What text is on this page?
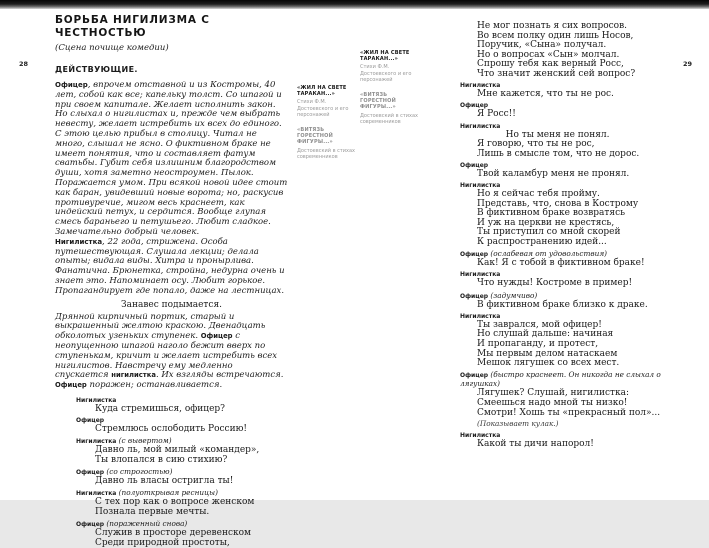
28	29
БОРЬБА НИГИЛИЗМА С ЧЕСТНОСТЬЮ
(Сцена почище комедии)
ДЕЙСТВУЮЩИЕ.

Офицер, впрочем отставной и из Костромы, 40 лет, собой как все; капельку толст. Со шпагой и при своем капитале. Желает исполнить закон. Но слыхал о нигилистах и, прежде чем выбрать невесту, желает истребить их всех до единого. С этою целью прибыл в столицу. Читал не много, слышал не ясно. О фиктивном браке не имеет понятия, что и составляет фатум сватьбы. Губит себя излишним благородством души, хотя заметно неостроумен. Пылок. Поражается умом. При всякой новой идее стоит как баран, увидевший новые ворота; но, раскусив противуречие, мигом весь краснеет, как индейский петух, и сердится. Вообще глупая смесь бараньего и петушьего. Любит сладкое. Замечательно добрый человек.

Нигилистка, 22 года, стрижена. Особа путешествующая. Слушала лекции; делала опыты; видала виды. Хитра и пронырлива. Фанатична. Брюнетка, стройна, недурна очень и знает это. Напоминает осу. Любит горькое. Пропагандирует где попало, даже на лестницах.

Занавес подымается.
Дрянной кирпичный портик, старый и выкрашенный желтою краскою. Двенадцать обколотых узеньких ступенек. Офицер с неопущенною шпагой наголо бежит вверх по ступенькам, кричит и желает истребить всех нигилистов. Навстречу ему медленно спускается нигилистка. Их взгляды встречаются. Офицер поражен; останавливается.
Нигилистка
Куда стремишься, офицер?
Офицер
Стремлюсь ослободить Россию!
Нигилистка (с вывертом)
Давно ль, мой милый «командер»,
Ты влопался в сию стихию?
Офицер (со строгостью)
Давно ль власы остригла ты!
Нигилистка (полуоткрывая ресницы)
С тех пор как о вопросе женском
Познала первые мечты.
Офицер (пораженный снова)
Служив в просторе деревенском
Среди природной простоты,
«ЖИЛ НА СВЕТЕ ТАРАКАН...»
Стихи Ф.М. Достоевского и его персонажей
«ВИТЯЗЬ ГОРЕСТНОЙ ФИГУРЫ...»
Достоевский в стихах современников
«ЖИЛ НА СВЕТЕ ТАРАКАН...»
Стихи Ф.М. Достоевского и его персонажей
«ВИТЯЗЬ ГОРЕСТНОЙ ФИГУРЫ...»
Достоевский в стихах современников
Не мог познать я сих вопросов.
Во всем полку один лишь Носов,
Поручик, «Сына» получал.
Но о вопросах «Сын» молчал.
Спрошу тебя как верный Росс,
Что значит женский сей вопрос?
Нигилистка
Мне кажется, что ты не рос.
Офицер
Я Росс!!
Нигилистка
Но ты меня не понял.
Я говорю, что ты не рос,
Лишь в смысле том, что не дорос.
Офицер
Твой каламбур меня не пронял.
Нигилистка
Но я сейчас тебя пройму.
Представь, что, снова в Кострому
В фиктивном браке возвратясь
И уж на церкви не крестясь,
Ты приступил со мной скорей
К распространению идей...
Офицер (ослабевая от удовольствия)
Как! Я с тобой в фиктивном браке!
Нигилистка
Что нужды! Костроме в пример!
Офицер (задумчиво)
В фиктивном браке близко к драке.
Нигилистка
Ты заврался, мой офицер!
Но слушай дальше: начиная
И пропаганду, и протест,
Мы первым делом натаскаем
Мешок лягушек со всех мест.
Офицер (быстро краснеет. Он никогда не слыхал о лягушках)
Лягушек? Слушай, нигилистка:
Смеешься надо мной ты низко!
Смотри! Хошь ты «прекрасный пол»...
(Показывает кулак.)
Нигилистка
Какой ты дичи напорол!
